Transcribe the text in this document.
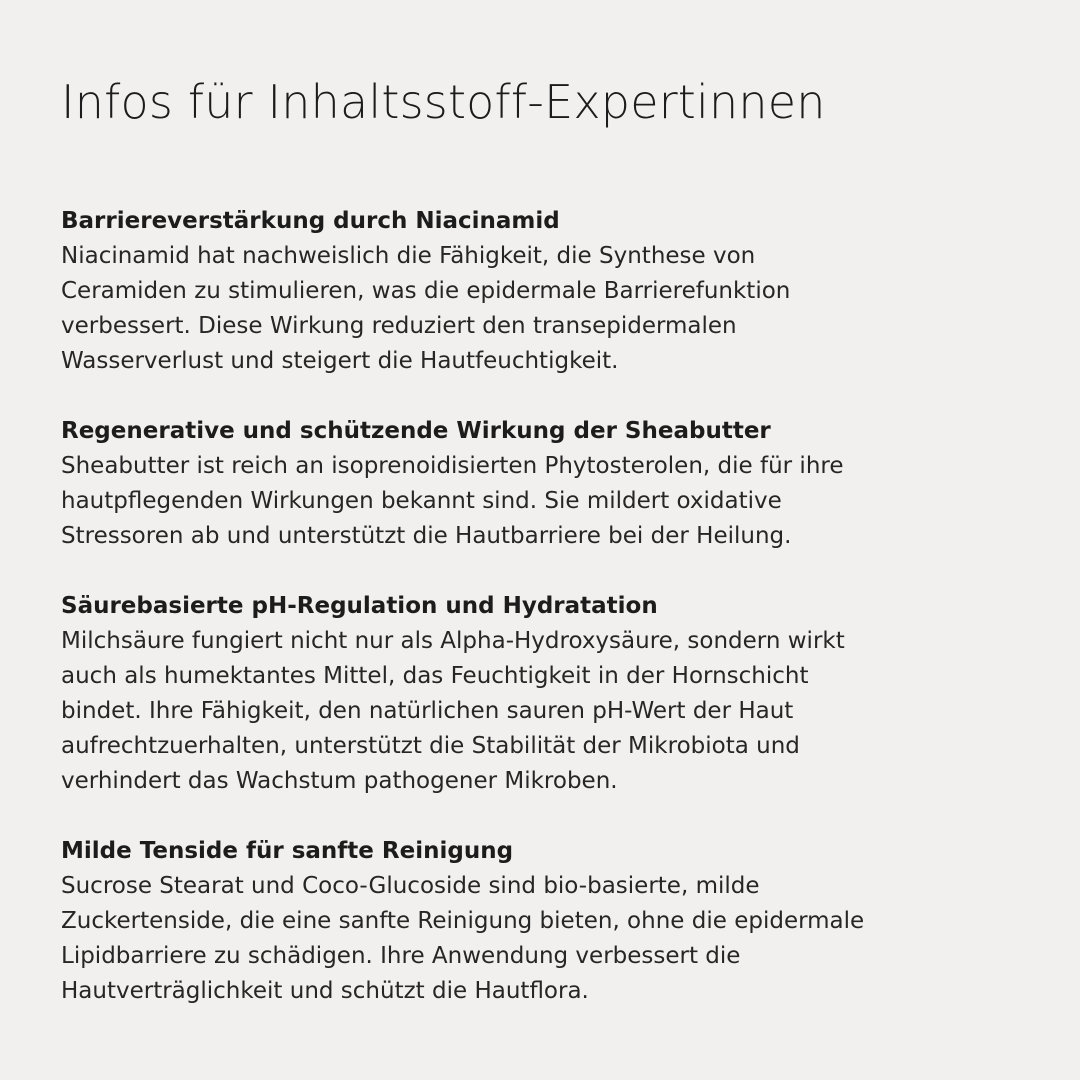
Infos für Inhaltsstoff-Expertinnen
Barriereverstärkung durch Niacinamid
Niacinamid hat nachweislich die Fähigkeit, die Synthese von
Ceramiden zu stimulieren, was die epidermale Barrierefunktion
verbessert. Diese Wirkung reduziert den transepidermalen
Wasserverlust und steigert die Hautfeuchtigkeit.
Regenerative und schützende Wirkung der Sheabutter
Sheabutter ist reich an isoprenoidisierten Phytosterolen, die für ihre
hautpflegenden Wirkungen bekannt sind. Sie mildert oxidative
Stressoren ab und unterstützt die Hautbarriere bei der Heilung.
Säurebasierte pH-Regulation und Hydratation
Milchsäure fungiert nicht nur als Alpha-Hydroxysäure, sondern wirkt
auch als humektantes Mittel, das Feuchtigkeit in der Hornschicht
bindet. Ihre Fähigkeit, den natürlichen sauren pH-Wert der Haut
aufrechtzuerhalten, unterstützt die Stabilität der Mikrobiota und
verhindert das Wachstum pathogener Mikroben.
Milde Tenside für sanfte Reinigung
Sucrose Stearat und Coco-Glucoside sind bio-basierte, milde
Zuckertenside, die eine sanfte Reinigung bieten, ohne die epidermale
Lipidbarriere zu schädigen. Ihre Anwendung verbessert die
Hautverträglichkeit und schützt die Hautflora.
